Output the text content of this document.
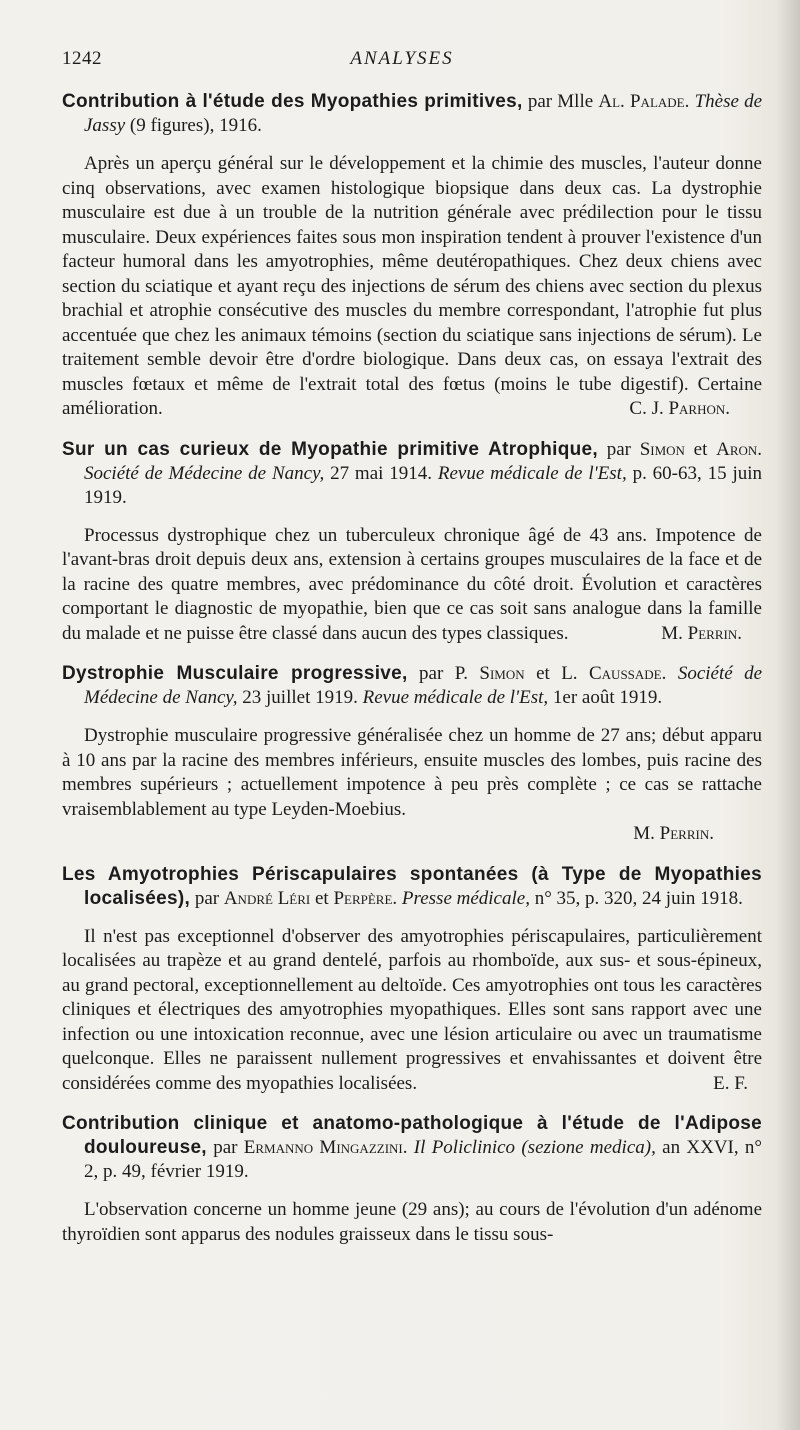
1242	ANALYSES
Contribution à l'étude des Myopathies primitives, par Mlle Al. Palade. Thèse de Jassy (9 figures), 1916.
Après un aperçu général sur le développement et la chimie des muscles, l'auteur donne cinq observations, avec examen histologique biopsique dans deux cas. La dystrophie musculaire est due à un trouble de la nutrition générale avec prédilection pour le tissu musculaire. Deux expériences faites sous mon inspiration tendent à prouver l'existence d'un facteur humoral dans les amyotrophies, même deutéropathiques. Chez deux chiens avec section du sciatique et ayant reçu des injections de sérum des chiens avec section du plexus brachial et atrophie consécutive des muscles du membre correspondant, l'atrophie fut plus accentuée que chez les animaux témoins (section du sciatique sans injections de sérum). Le traitement semble devoir être d'ordre biologique. Dans deux cas, on essaya l'extrait des muscles fœtaux et même de l'extrait total des fœtus (moins le tube digestif). Certaine amélioration.	C. J. Parhon.
Sur un cas curieux de Myopathie primitive Atrophique, par Simon et Aron. Société de Médecine de Nancy, 27 mai 1914. Revue médicale de l'Est, p. 60-63, 15 juin 1919.
Processus dystrophique chez un tuberculeux chronique âgé de 43 ans. Impotence de l'avant-bras droit depuis deux ans, extension à certains groupes musculaires de la face et de la racine des quatre membres, avec prédominance du côté droit. Évolution et caractères comportant le diagnostic de myopathie, bien que ce cas soit sans analogue dans la famille du malade et ne puisse être classé dans aucun des types classiques.	M. Perrin.
Dystrophie Musculaire progressive, par P. Simon et L. Caussade. Société de Médecine de Nancy, 23 juillet 1919. Revue médicale de l'Est, 1er août 1919.
Dystrophie musculaire progressive généralisée chez un homme de 27 ans; début apparu à 10 ans par la racine des membres inférieurs, ensuite muscles des lombes, puis racine des membres supérieurs ; actuellement impotence à peu près complète ; ce cas se rattache vraisemblablement au type Leyden-Moebius.
M. Perrin.
Les Amyotrophies Périscapulaires spontanées (à Type de Myopathies localisées), par André Léri et Perpère. Presse médicale, n° 35, p. 320, 24 juin 1918.
Il n'est pas exceptionnel d'observer des amyotrophies périscapulaires, particulièrement localisées au trapèze et au grand dentelé, parfois au rhomboïde, aux sus- et sous-épineux, au grand pectoral, exceptionnellement au deltoïde. Ces amyotrophies ont tous les caractères cliniques et électriques des amyotrophies myopathiques. Elles sont sans rapport avec une infection ou une intoxication reconnue, avec une lésion articulaire ou avec un traumatisme quelconque. Elles ne paraissent nullement progressives et envahissantes et doivent être considérées comme des myopathies localisées.	E. F.
Contribution clinique et anatomo-pathologique à l'étude de l'Adipose douloureuse, par Ermanno Mingazzini. Il Policlinico (sezione medica), an XXVI, n° 2, p. 49, février 1919.
L'observation concerne un homme jeune (29 ans); au cours de l'évolution d'un adénome thyroïdien sont apparus des nodules graisseux dans le tissu sous-
